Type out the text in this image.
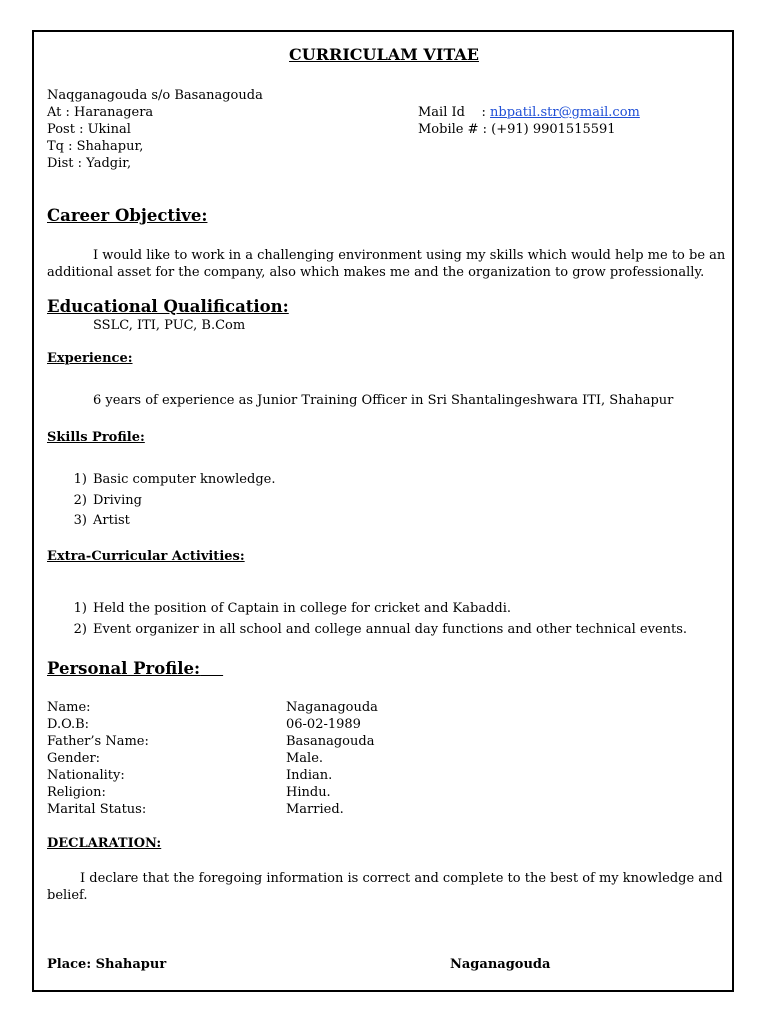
CURRICULAM VITAE
Naqganagouda s/o Basanagouda
At : Haranagera
Post : Ukinal
Tq : Shahapur,
Dist : Yadgir,
Mail Id    : nbpatil.str@gmail.com
Mobile # : (+91) 9901515591
Career Objective:
I would like to work in a challenging environment using my skills which would help me to be an additional asset for the company, also which makes me and the organization to grow professionally.
Educational Qualification:
SSLC, ITI, PUC, B.Com
Experience:
6 years of experience as Junior Training Officer in Sri Shantalingeshwara ITI, Shahapur
Skills Profile:
1) Basic computer knowledge.
2) Driving
3) Artist
Extra-Curricular Activities:
1) Held the position of Captain in college for cricket and Kabaddi.
2) Event organizer in all school and college annual day functions and other technical events.
Personal Profile:
Name:	Naganagouda
D.O.B:	06-02-1989
Father’s Name:	Basanagouda
Gender:	Male.
Nationality:	Indian.
Religion:	Hindu.
Marital Status:	Married.
DECLARATION:
I declare that the foregoing information is correct and complete to the best of my knowledge and belief.
Place: Shahapur	Naganagouda
